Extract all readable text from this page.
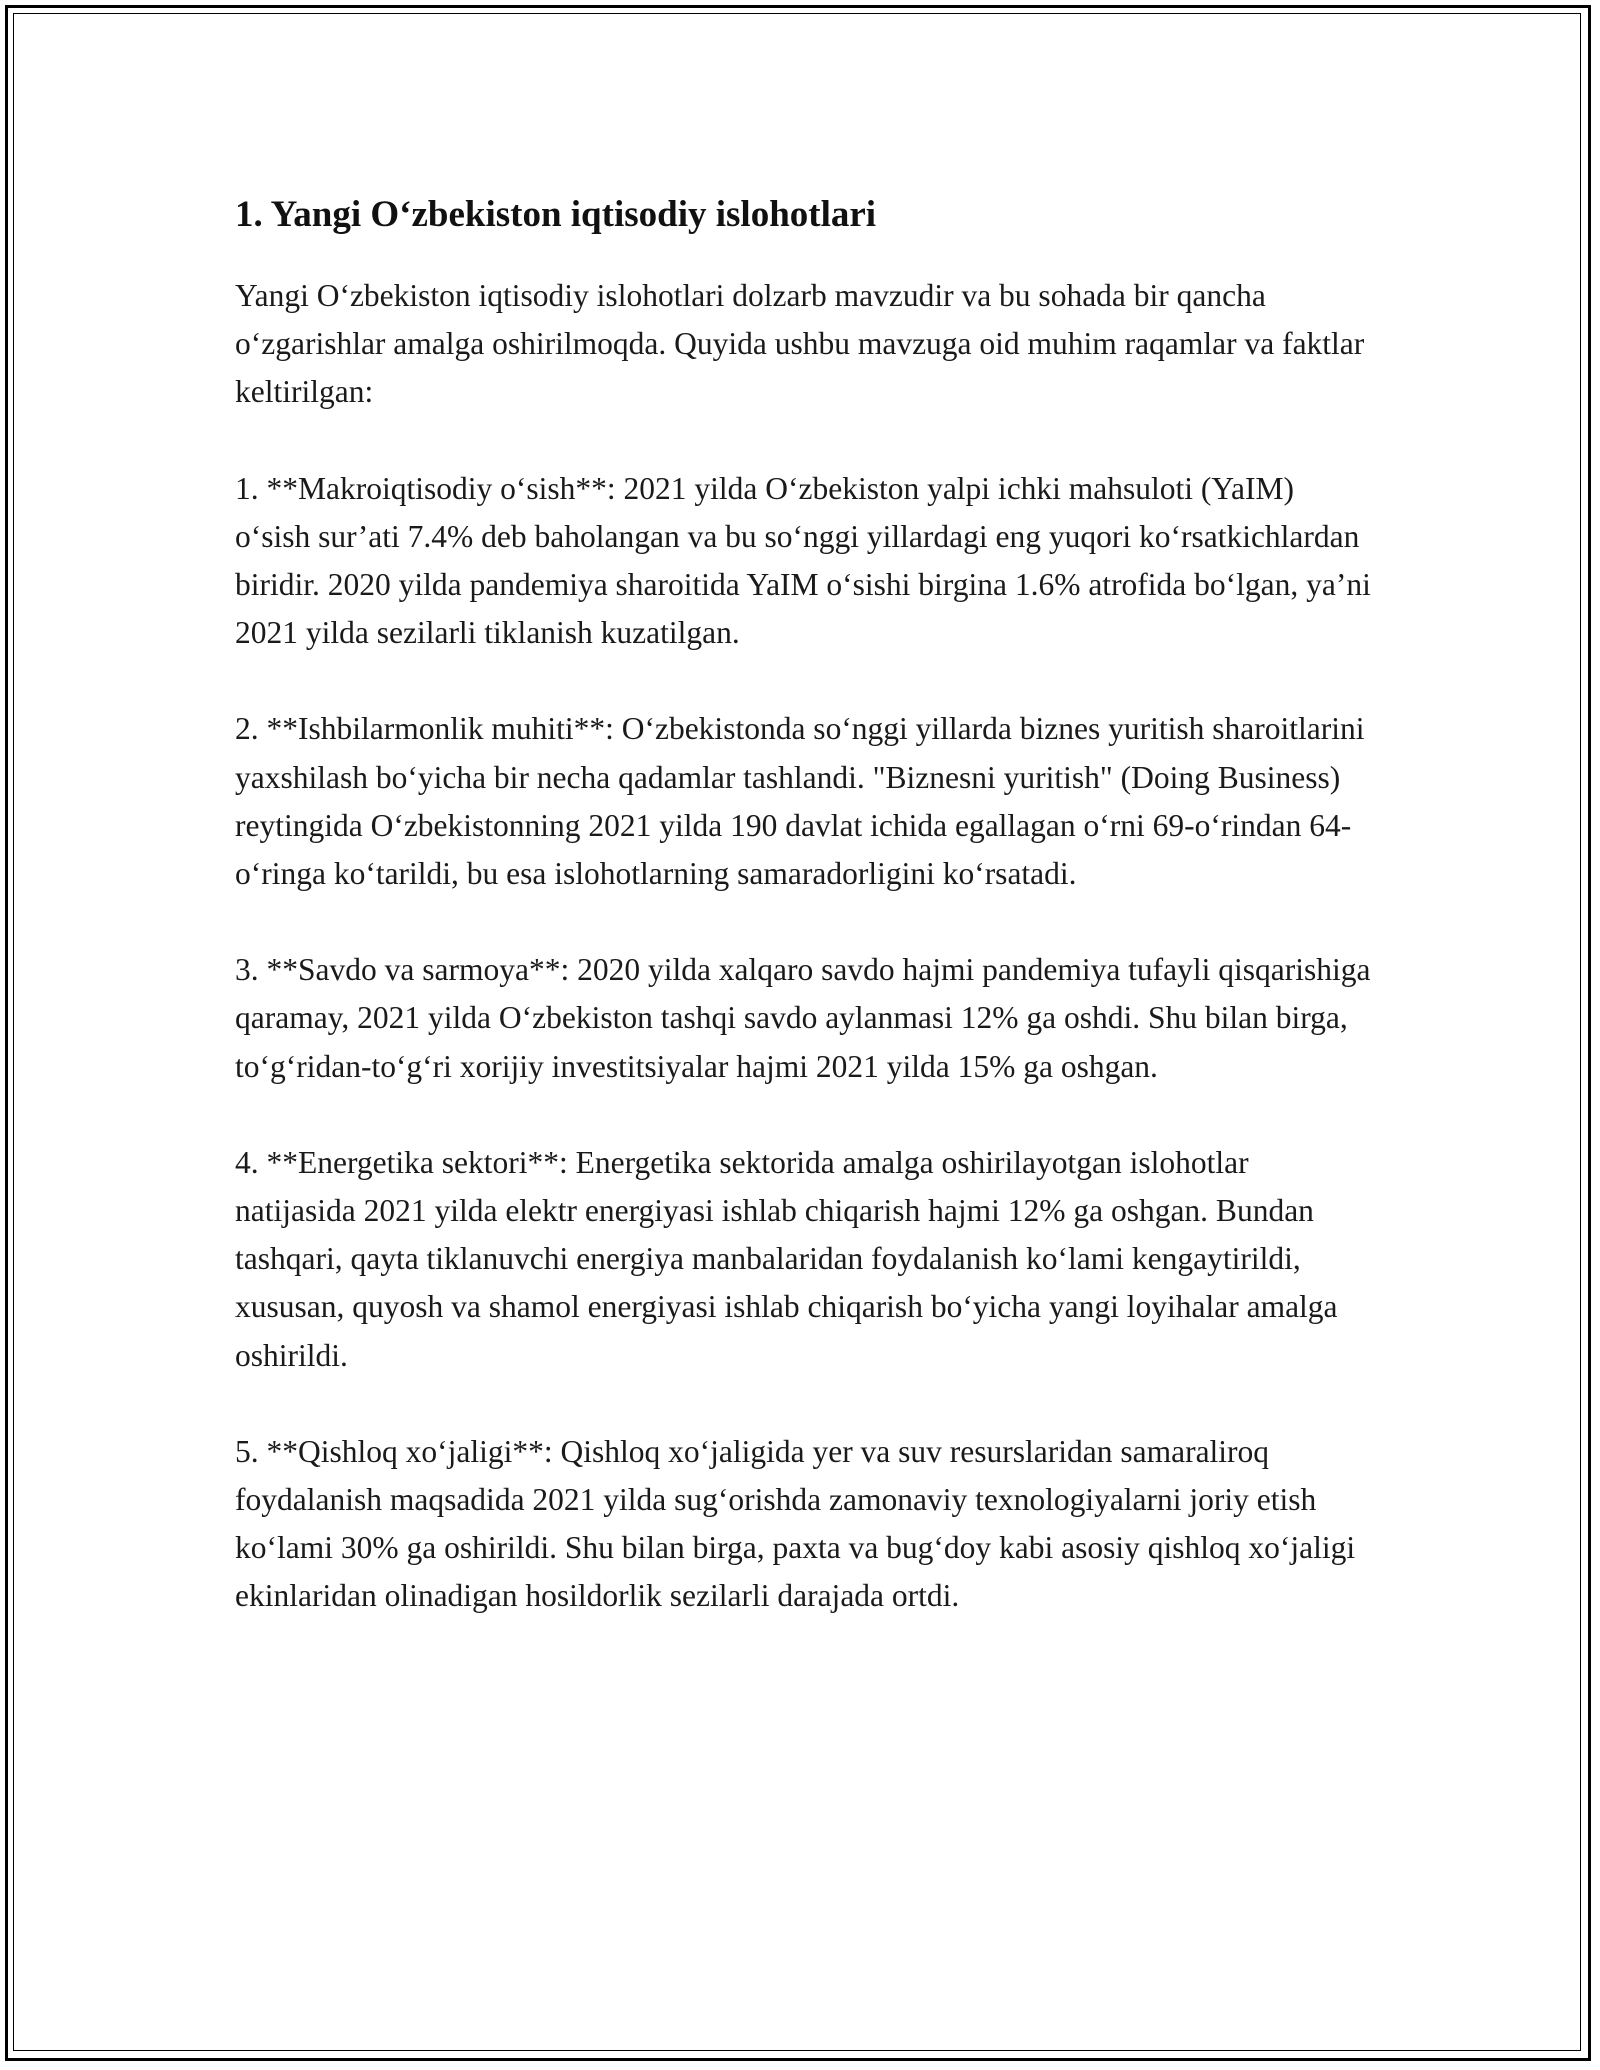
1. Yangi O‘zbekiston iqtisodiy islohotlari

Yangi O‘zbekiston iqtisodiy islohotlari dolzarb mavzudir va bu sohada bir qancha o‘zgarishlar amalga oshirilmoqda. Quyida ushbu mavzuga oid muhim raqamlar va faktlar keltirilgan:

1. **Makroiqtisodiy o‘sish**: 2021 yilda O‘zbekiston yalpi ichki mahsuloti (YaIM) o‘sish sur’ati 7.4% deb baholangan va bu so‘nggi yillardagi eng yuqori ko‘rsatkichlardan biridir. 2020 yilda pandemiya sharoitida YaIM o‘sishi birgina 1.6% atrofida bo‘lgan, ya’ni 2021 yilda sezilarli tiklanish kuzatilgan.

2. **Ishbilarmonlik muhiti**: O‘zbekistonda so‘nggi yillarda biznes yuritish sharoitlarini yaxshilash bo‘yicha bir necha qadamlar tashlandi. "Biznesni yuritish" (Doing Business) reytingida O‘zbekistonning 2021 yilda 190 davlat ichida egallagan o‘rni 69-o‘rindan 64-o‘ringa ko‘tarildi, bu esa islohotlarning samaradorligini ko‘rsatadi.

3. **Savdo va sarmoya**: 2020 yilda xalqaro savdo hajmi pandemiya tufayli qisqarishiga qaramay, 2021 yilda O‘zbekiston tashqi savdo aylanmasi 12% ga oshdi. Shu bilan birga, to‘g‘ridan-to‘g‘ri xorijiy investitsiyalar hajmi 2021 yilda 15% ga oshgan.

4. **Energetika sektori**: Energetika sektorida amalga oshirilayotgan islohotlar natijasida 2021 yilda elektr energiyasi ishlab chiqarish hajmi 12% ga oshgan. Bundan tashqari, qayta tiklanuvchi energiya manbalaridan foydalanish ko‘lami kengaytirildi, xususan, quyosh va shamol energiyasi ishlab chiqarish bo‘yicha yangi loyihalar amalga oshirildi.

5. **Qishloq xo‘jaligi**: Qishloq xo‘jaligida yer va suv resurslaridan samaraliroq foydalanish maqsadida 2021 yilda sug‘orishda zamonaviy texnologiyalarni joriy etish ko‘lami 30% ga oshirildi. Shu bilan birga, paxta va bug‘doy kabi asosiy qishloq xo‘jaligi ekinlaridan olinadigan hosildorlik sezilarli darajada ortdi.
